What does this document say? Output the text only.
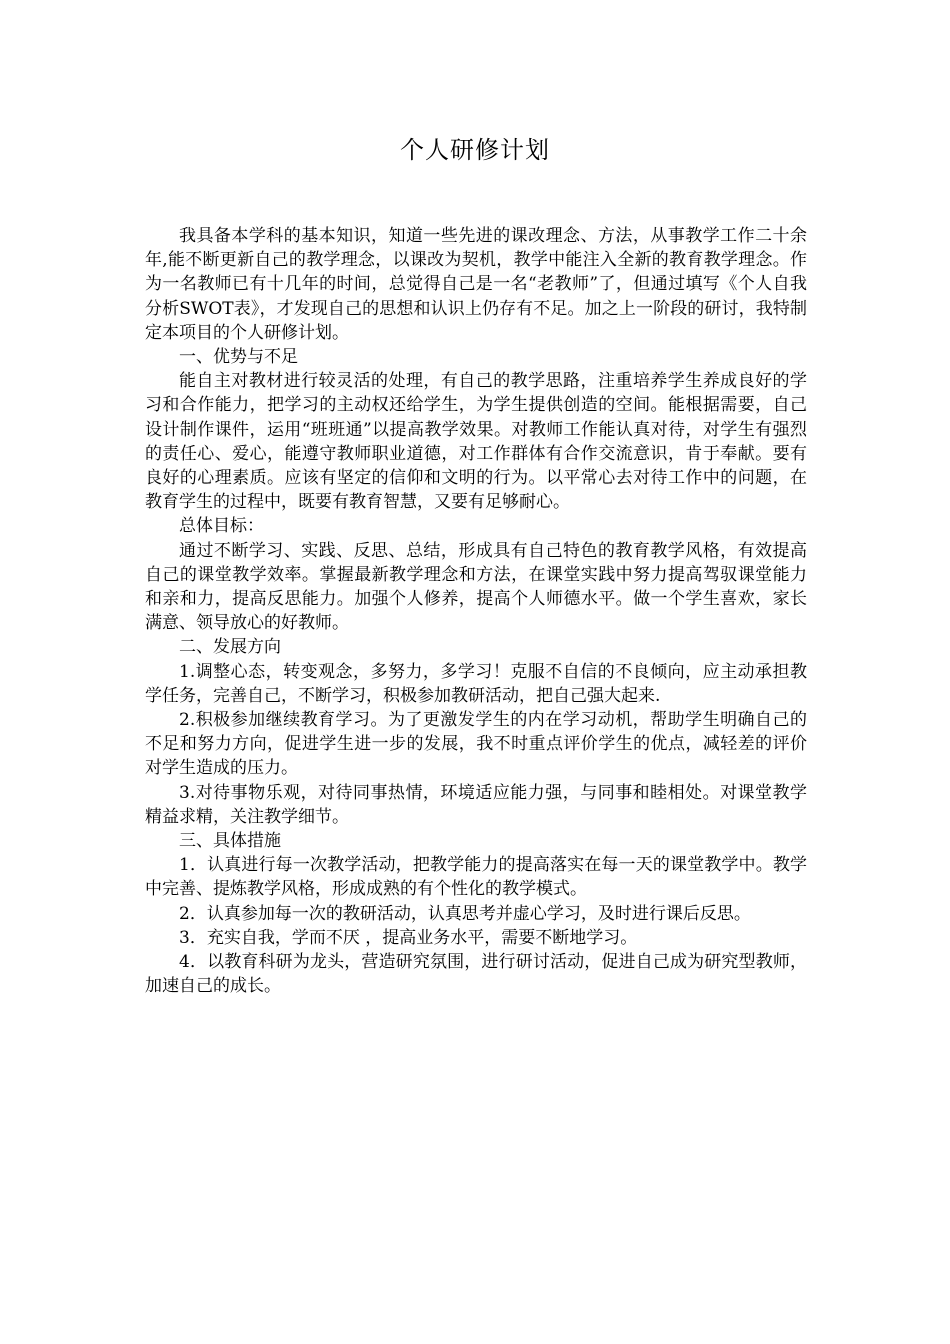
个人研修计划

我具备本学科的基本知识，知道一些先进的课改理念、方法，从事教学工作二十余年,能不断更新自己的教学理念，以课改为契机，教学中能注入全新的教育教学理念。作为一名教师已有十几年的时间，总觉得自己是一名“老教师”了，但通过填写《个人自我分析SWOT表》，才发现自己的思想和认识上仍存有不足。加之上一阶段的研讨，我特制定本项目的个人研修计划。

一、优势与不足

能自主对教材进行较灵活的处理，有自己的教学思路，注重培养学生养成良好的学习和合作能力，把学习的主动权还给学生，为学生提供创造的空间。能根据需要，自己设计制作课件，运用“班班通”以提高教学效果。对教师工作能认真对待，对学生有强烈的责任心、爱心，能遵守教师职业道德，对工作群体有合作交流意识，肯于奉献。要有良好的心理素质。应该有坚定的信仰和文明的行为。以平常心去对待工作中的问题，在教育学生的过程中，既要有教育智慧，又要有足够耐心。

总体目标：

通过不断学习、实践、反思、总结，形成具有自己特色的教育教学风格，有效提高自己的课堂教学效率。掌握最新教学理念和方法，在课堂实践中努力提高驾驭课堂能力和亲和力，提高反思能力。加强个人修养，提高个人师德水平。做一个学生喜欢，家长满意、领导放心的好教师。

二、发展方向

1.调整心态，转变观念，多努力，多学习！克服不自信的不良倾向，应主动承担教学任务，完善自己，不断学习，积极参加教研活动，把自己强大起来.

2.积极参加继续教育学习。为了更激发学生的内在学习动机，帮助学生明确自己的不足和努力方向，促进学生进一步的发展，我不时重点评价学生的优点，减轻差的评价对学生造成的压力。

3.对待事物乐观，对待同事热情，环境适应能力强，与同事和睦相处。对课堂教学精益求精，关注教学细节。

三、具体措施

1．认真进行每一次教学活动，把教学能力的提高落实在每一天的课堂教学中。教学中完善、提炼教学风格，形成成熟的有个性化的教学模式。

2．认真参加每一次的教研活动，认真思考并虚心学习，及时进行课后反思。

3．充实自我，学而不厌 ，提高业务水平，需要不断地学习。

4．以教育科研为龙头，营造研究氛围，进行研讨活动，促进自己成为研究型教师，加速自己的成长。
